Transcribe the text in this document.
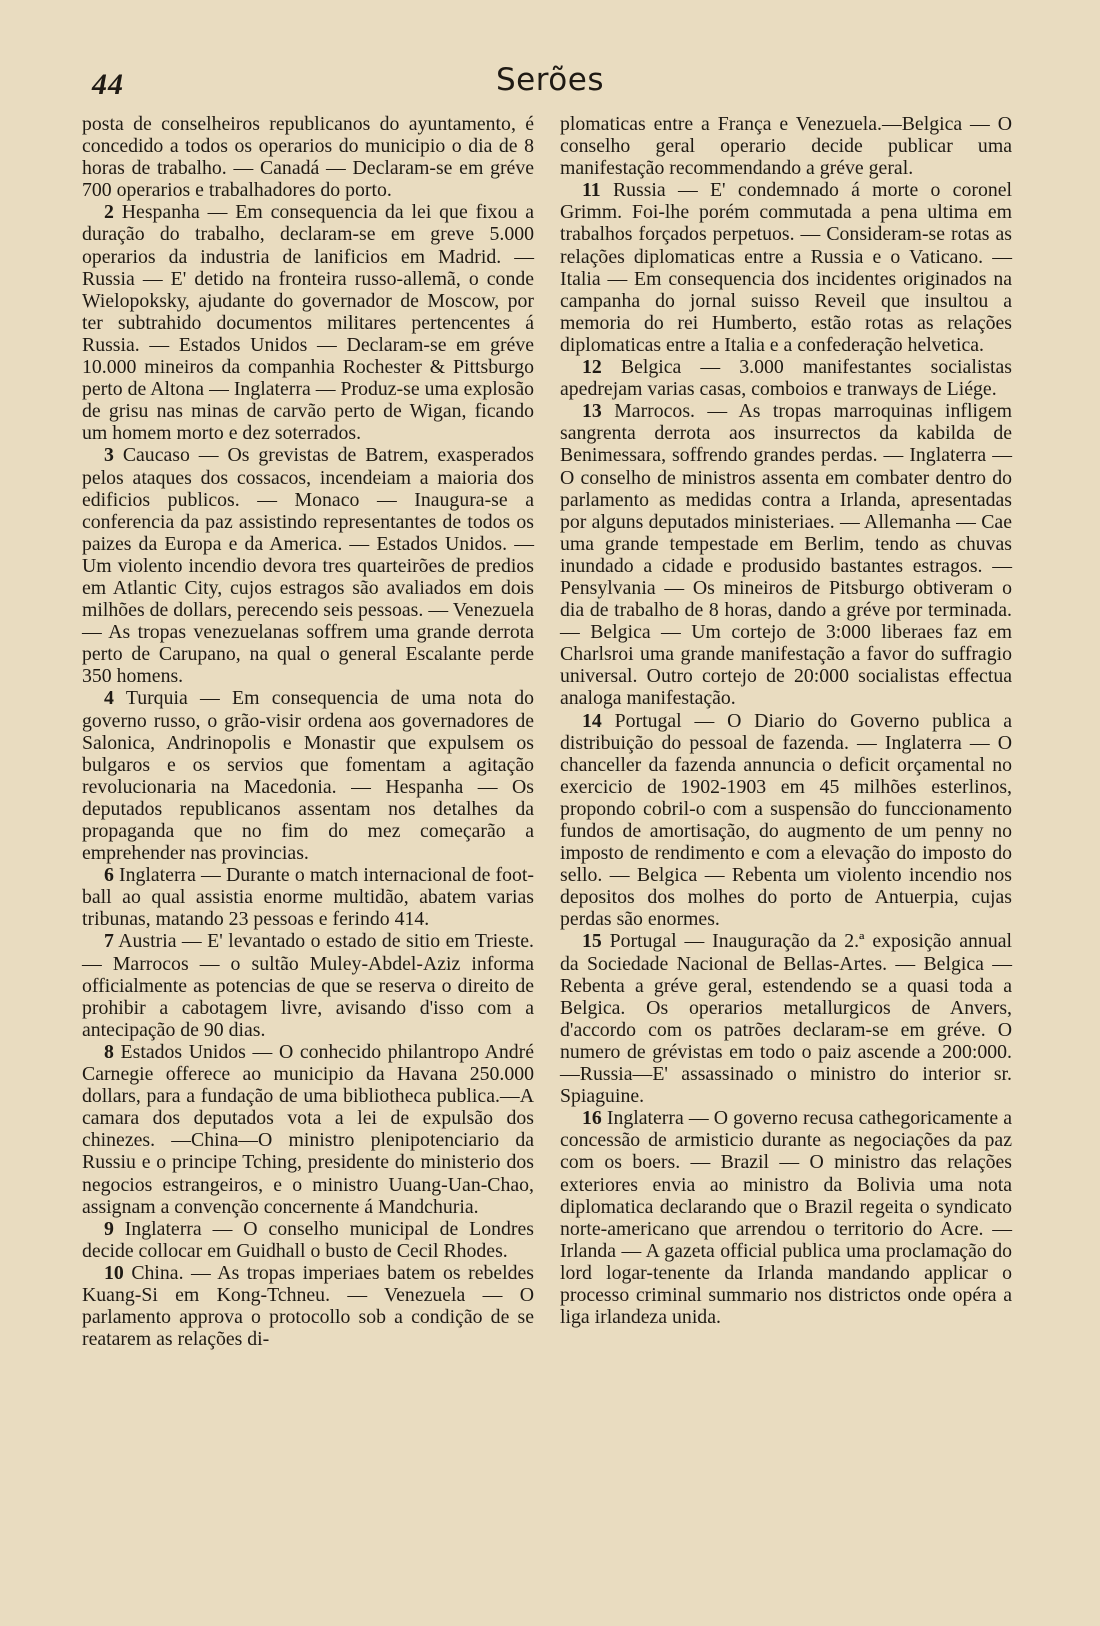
44	Serões

posta de conselheiros republicanos do ayuntamento, é concedido a todos os operarios do municipio o dia de 8 horas de trabalho. — Canadá — Declaram-se em gréve 700 operarios e trabalhadores do porto.

2 Hespanha — Em consequencia da lei que fixou a duração do trabalho, declaram-se em greve 5.000 operarios da industria de lanificios em Madrid. — Russia — E' detido na fronteira russo-allemã, o conde Wielopokskу, ajudante do governador de Moscow, por ter subtrahido documentos militares pertencentes á Russia. — Estados Unidos — Declaram-se em gréve 10.000 mineiros da companhia Rochester & Pittsburgo perto de Altona — Inglaterra — Produz-se uma explosão de grisu nas minas de carvão perto de Wigan, ficando um homem morto e dez soterrados.

3 Caucaso — Os grevistas de Batrem, exasperados pelos ataques dos cossacos, incendeiam a maioria dos edificios publicos. — Monaco — Inaugura-se a conferencia da paz assistindo representantes de todos os paizes da Europa e da America. — Estados Unidos. — Um violento incendio devora tres quarteirões de predios em Atlantic City, cujos estragos são avaliados em dois milhões de dollars, perecendo seis pessoas. — Venezuela — As tropas venezuelanas soffrem uma grande derrota perto de Carupano, na qual o general Escalante perde 350 homens.

4 Turquia — Em consequencia de uma nota do governo russo, o grão-visir ordena aos governadores de Salonica, Andrinopolis e Monastir que expulsem os bulgaros e os servios que fomentam a agitação revolucionaria na Macedonia. — Hespanha — Os deputados republicanos assentam nos detalhes da propaganda que no fim do mez começarão a emprehender nas provincias.

6 Inglaterra — Durante o match internacional de foot-ball ao qual assistia enorme multidão, abatem varias tribunas, matando 23 pessoas e ferindo 414.

7 Austria — E' levantado o estado de sitio em Trieste. — Marrocos — o sultão Muley-Abdel-Aziz informa officialmente as potencias de que se reserva o direito de prohibir a cabotagem livre, avisando d'isso com a antecipação de 90 dias.

8 Estados Unidos — O conhecido philantropo André Carnegie offerece ao municipio da Havana 250.000 dollars, para a fundação de uma bibliotheca publica.—A camara dos deputados vota a lei de expulsão dos chinezes. —China—O ministro plenipotenciario da Russiu e o principe Tching, presidente do ministerio dos negocios estrangeiros, e o ministro Uuang-Uan-Chao, assignam a convenção concernente á Mandchuria.

9 Inglaterra — O conselho municipal de Londres decide collocar em Guidhall o busto de Cecil Rhodes.

10 China. — As tropas imperiaes batem os rebeldes Kuang-Si em Kong-Tchneu. — Venezuela — O parlamento approva o protocollo sob a condição de se reatarem as relações di-

plomaticas entre a França e Venezuela.—Belgica — O conselho geral operario decide publicar uma manifestação recommendando a gréve geral.

11 Russia — E' condemnado á morte o coronel Grimm. Foi-lhe porém commutada a pena ultima em trabalhos forçados perpetuos. — Consideram-se rotas as relações diplomaticas entre a Russia e o Vaticano. — Italia — Em consequencia dos incidentes originados na campanha do jornal suisso Reveil que insultou a memoria do rei Humberto, estão rotas as relações diplomaticas entre a Italia e a confederação helvetica.

12 Belgica — 3.000 manifestantes socialistas apedrejam varias casas, comboios e tranways de Liége.

13 Marrocos. — As tropas marroquinas infligem sangrenta derrota aos insurrectos da kabilda de Benimessara, soffrendo grandes perdas. — Inglaterra — O conselho de ministros assenta em combater dentro do parlamento as medidas contra a Irlanda, apresentadas por alguns deputados ministeriaes. — Allemanha — Cae uma grande tempestade em Berlim, tendo as chuvas inundado a cidade e produsido bastantes estragos. — Pensylvania — Os mineiros de Pitsburgo obtiveram o dia de trabalho de 8 horas, dando a gréve por terminada. — Belgica — Um cortejo de 3:000 liberaes faz em Charlsroi uma grande manifestação a favor do suffragio universal. Outro cortejo de 20:000 socialistas effectua analoga manifestação.

14 Portugal — O Diario do Governo publica a distribuição do pessoal de fazenda. — Inglaterra — O chanceller da fazenda annuncia o deficit orçamental no exercicio de 1902-1903 em 45 milhões esterlinos, propondo cobril-o com a suspensão do funccionamento fundos de amortisação, do augmento de um penny no imposto de rendimento e com a elevação do imposto do sello. — Belgica — Rebenta um violento incendio nos depositos dos molhes do porto de Antuerpia, cujas perdas são enormes.

15 Portugal — Inauguração da 2.ª exposição annual da Sociedade Nacional de Bellas-Artes. — Belgica — Rebenta a gréve geral, estendendo se a quasi toda a Belgica. Os operarios metallurgicos de Anvers, d'accordo com os patrões declaram-se em gréve. O numero de grévistas em todo o paiz ascende a 200:000. —Russia—E' assassinado o ministro do interior sr. Spiaguine.

16 Inglaterra — O governo recusa cathegoricamente a concessão de armisticio durante as negociações da paz com os boers. — Brazil — O ministro das relações exteriores envia ao ministro da Bolivia uma nota diplomatica declarando que o Brazil regeita o syndicato norte-americano que arrendou o territorio do Acre. — Irlanda — A gazeta official publica uma proclamação do lord logar-tenente da Irlanda mandando applicar o processo criminal summario nos districtos onde opéra a liga irlandeza unida.
